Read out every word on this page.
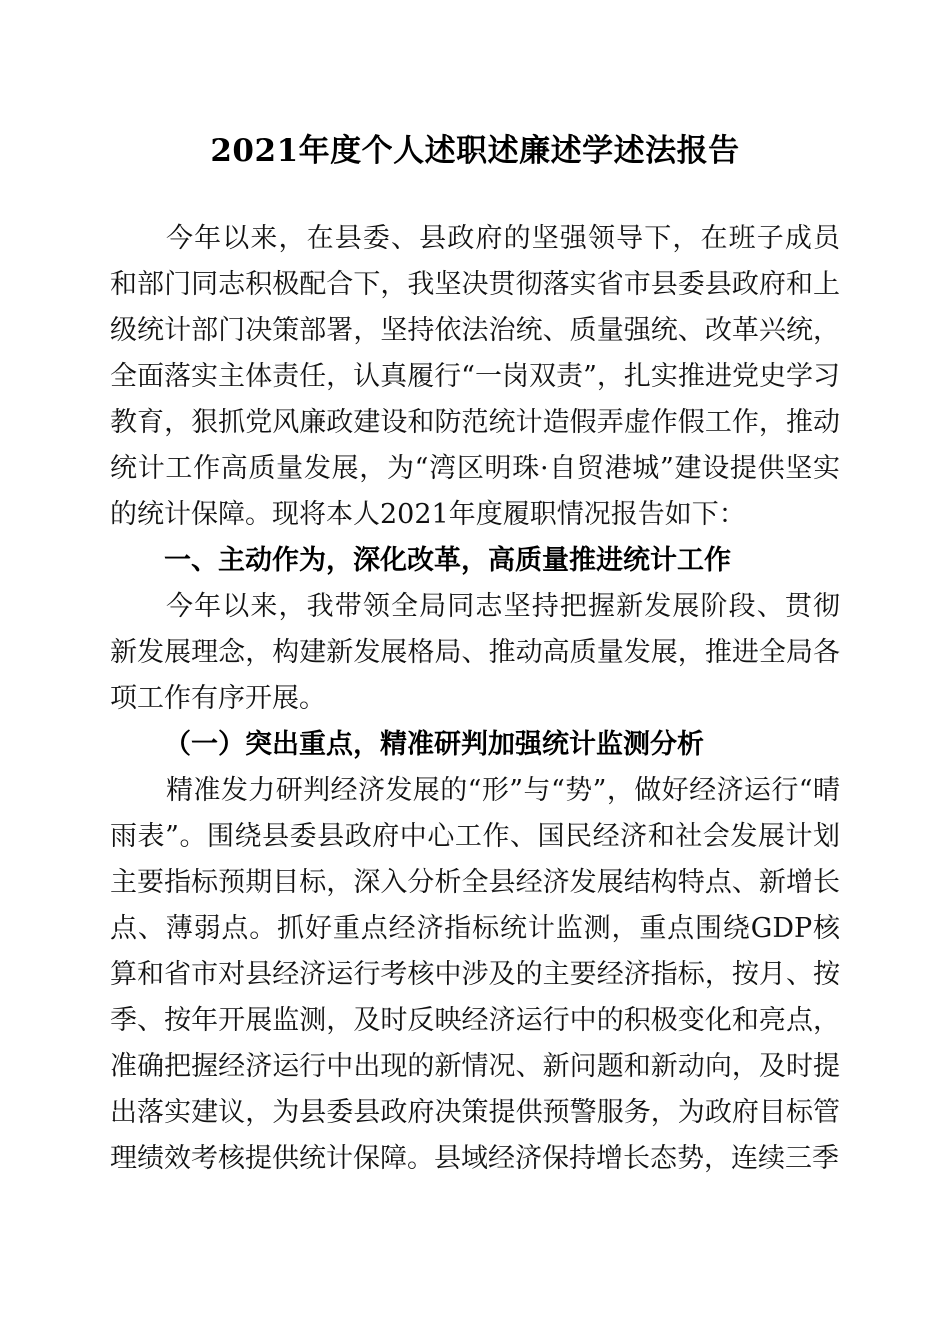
2021年度个人述职述廉述学述法报告

今年以来，在县委、县政府的坚强领导下，在班子成员和部门同志积极配合下，我坚决贯彻落实省市县委县政府和上级统计部门决策部署，坚持依法治统、质量强统、改革兴统，全面落实主体责任，认真履行“一岗双责”，扎实推进党史学习教育，狠抓党风廉政建设和防范统计造假弄虚作假工作，推动统计工作高质量发展，为“湾区明珠·自贸港城”建设提供坚实的统计保障。现将本人2021年度履职情况报告如下：

一、主动作为，深化改革，高质量推进统计工作

今年以来，我带领全局同志坚持把握新发展阶段、贯彻新发展理念，构建新发展格局、推动高质量发展，推进全局各项工作有序开展。

（一）突出重点，精准研判加强统计监测分析

精准发力研判经济发展的“形”与“势”，做好经济运行“晴雨表”。围绕县委县政府中心工作、国民经济和社会发展计划主要指标预期目标，深入分析全县经济发展结构特点、新增长点、薄弱点。抓好重点经济指标统计监测，重点围绕GDP核算和省市对县经济运行考核中涉及的主要经济指标，按月、按季、按年开展监测，及时反映经济运行中的积极变化和亮点，准确把握经济运行中出现的新情况、新问题和新动向，及时提出落实建议，为县委县政府决策提供预警服务，为政府目标管理绩效考核提供统计保障。县域经济保持增长态势，连续三季
